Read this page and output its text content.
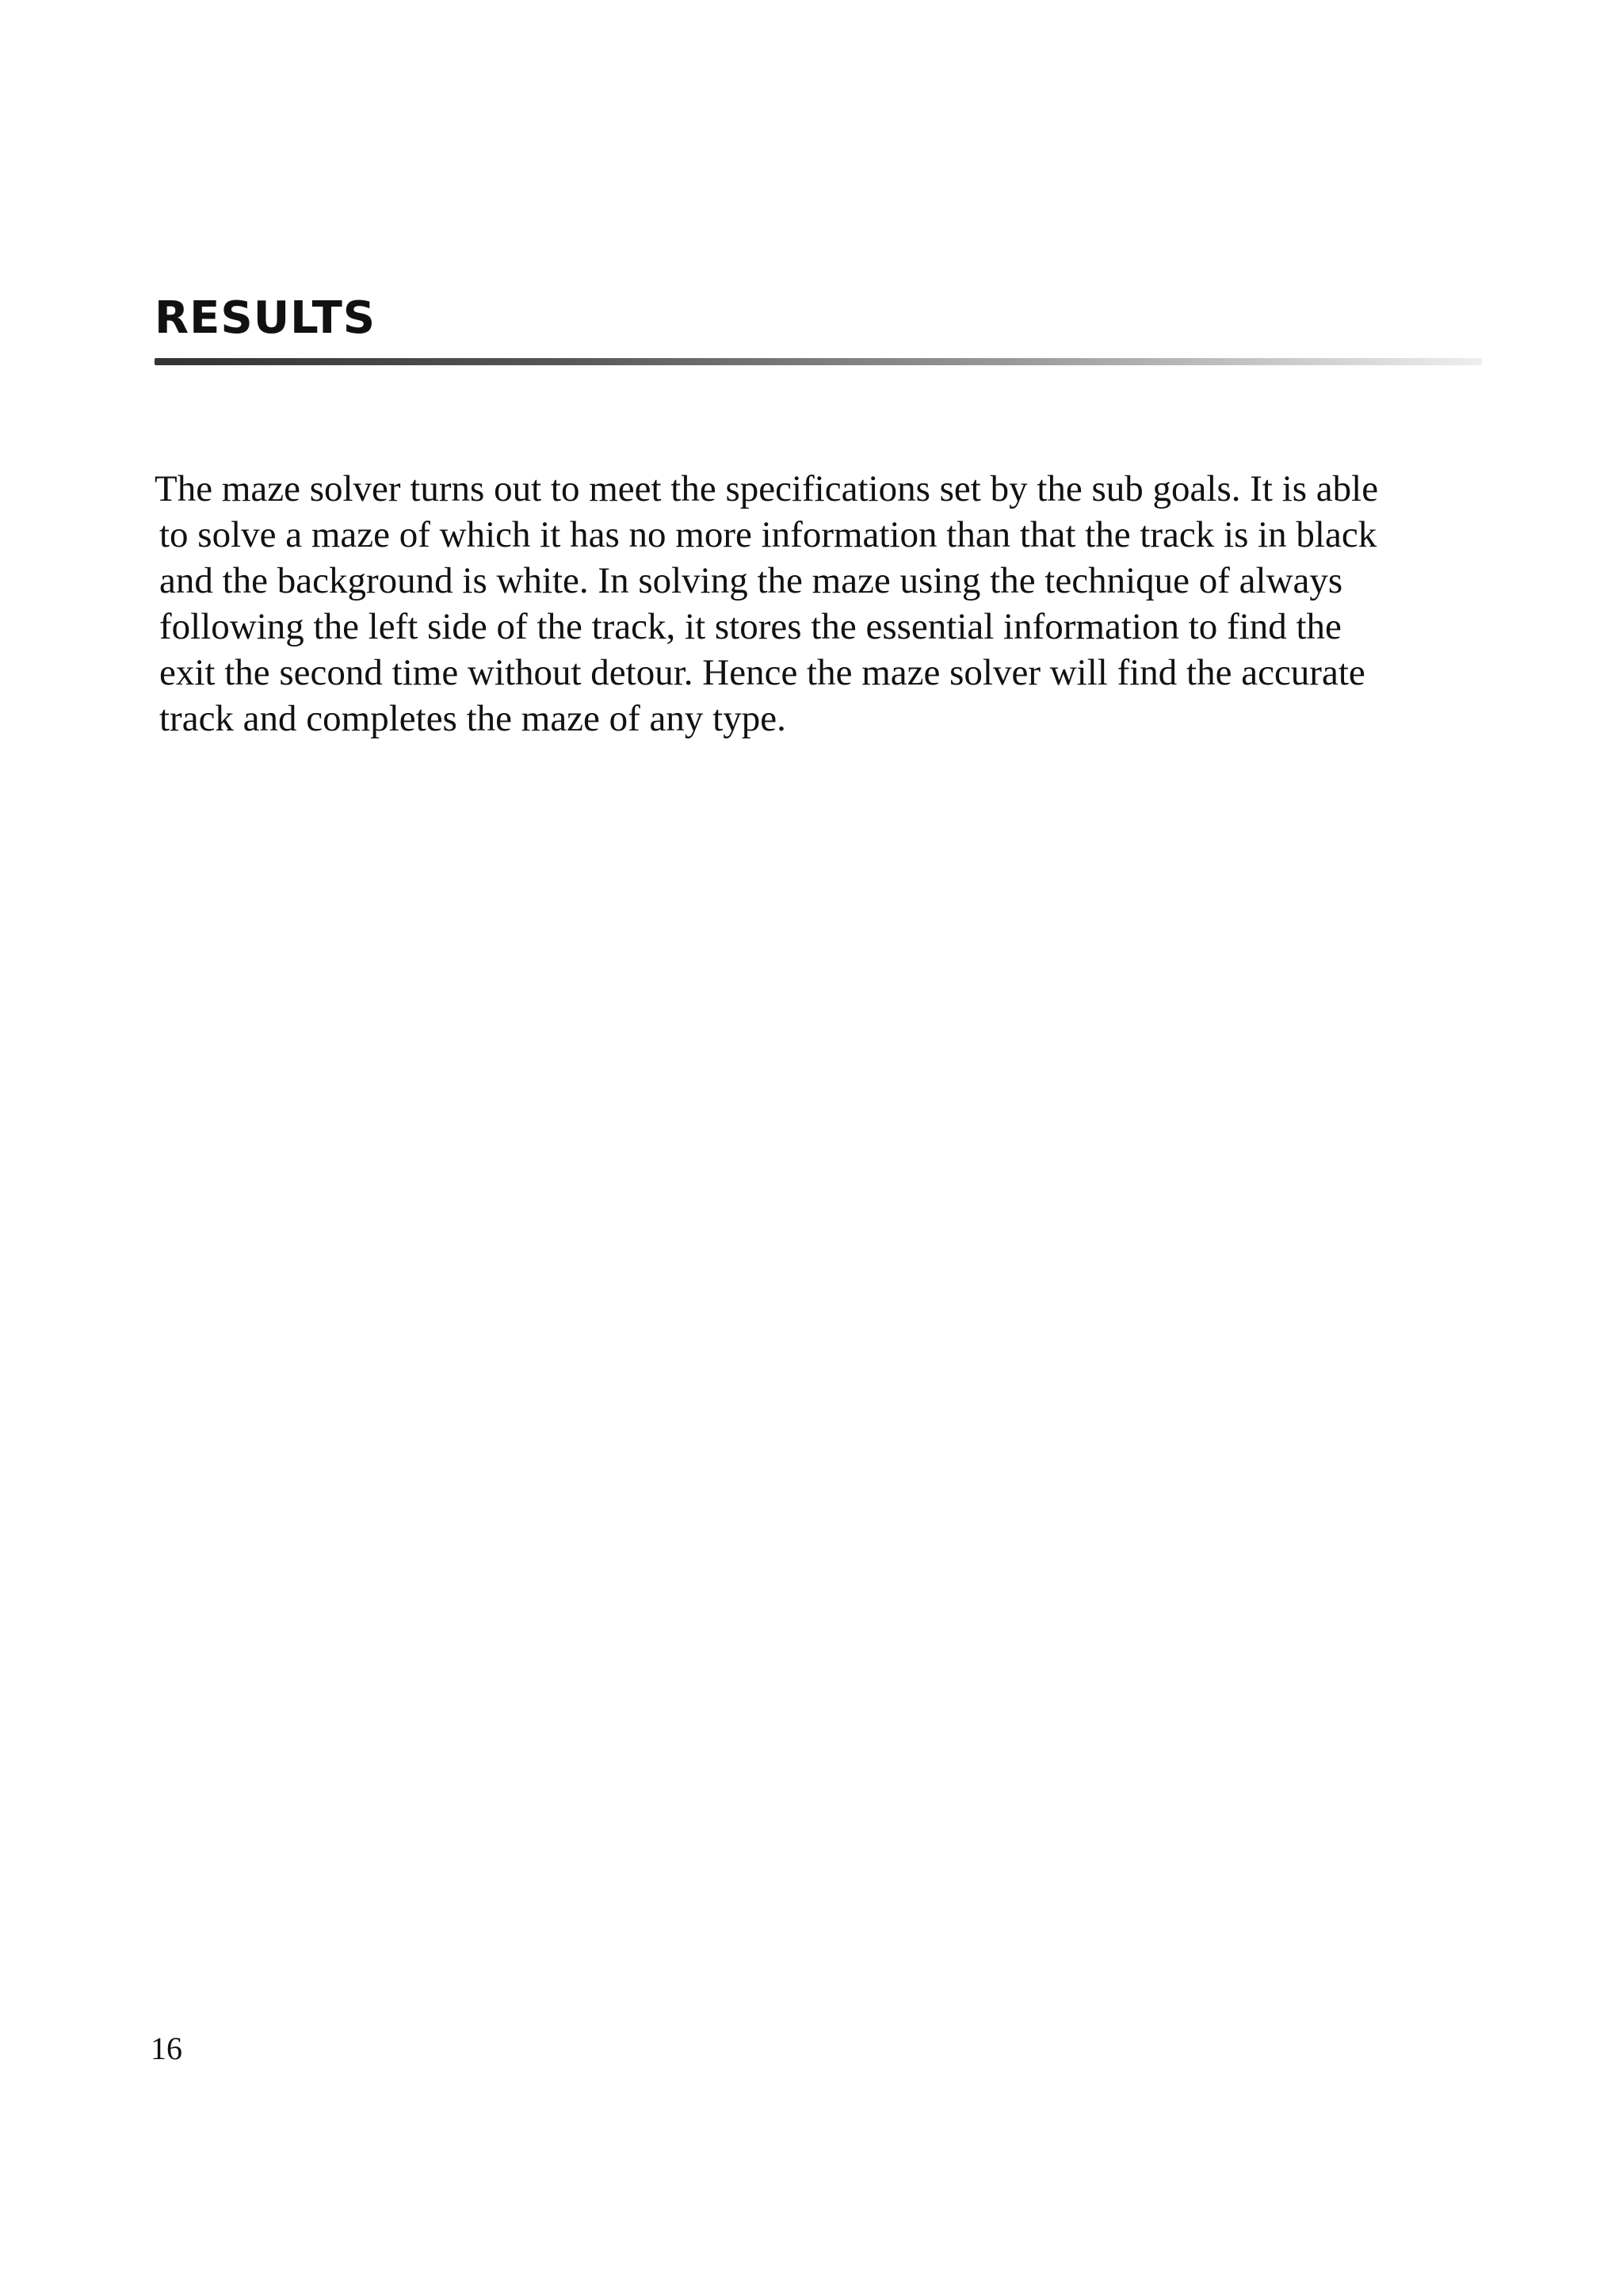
RESULTS

The maze solver turns out to meet the specifications set by the sub goals. It is able
to solve a maze of which it has no more information than that the track is in black
and the background is white. In solving the maze using the technique of always
following the left side of the track, it stores the essential information to find the
exit the second time without detour. Hence the maze solver will find the accurate
track and completes the maze of any type.

16
